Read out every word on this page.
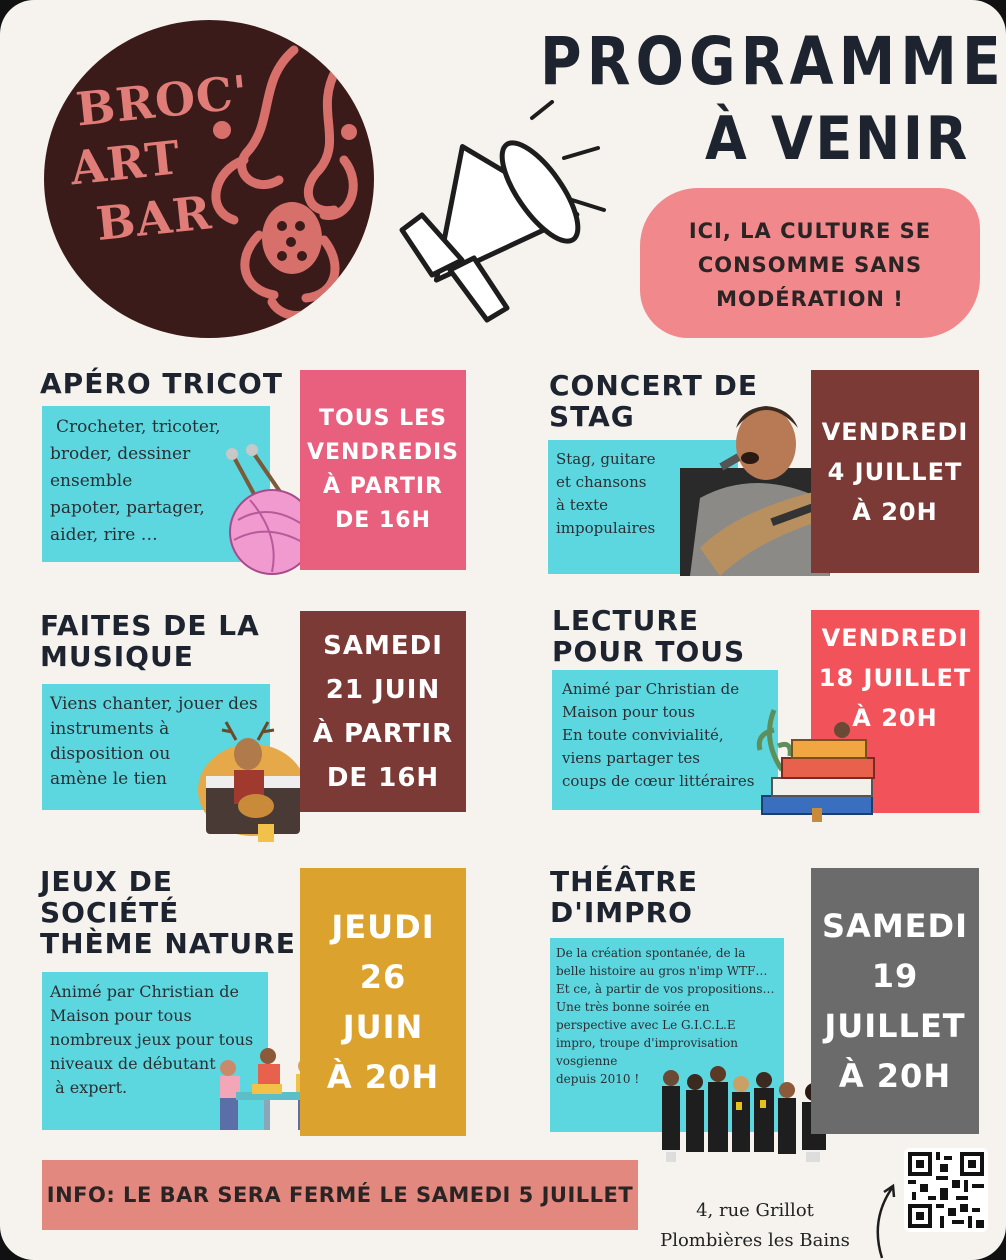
BROC'
ART
BAR
PROGRAMME
À VENIR
ICI, LA CULTURE SE CONSOMME SANS MODÉRATION !
APÉRO TRICOT
Crocheter, tricoter,
broder, dessiner
ensemble
papoter, partager,
aider, rire …
TOUS LES
VENDREDIS
À PARTIR
DE 16H
CONCERT DE
STAG
Stag, guitare
et chansons
à texte
impopulaires
VENDREDI
4 JUILLET
À 20H
FAITES DE LA
MUSIQUE
Viens chanter, jouer des
instruments à
disposition ou
amène le tien
SAMEDI
21 JUIN
À PARTIR
DE 16H
LECTURE
POUR TOUS
Animé par Christian de
Maison pour tous
En toute convivialité,
viens partager tes
coups de cœur littéraires
VENDREDI
18 JUILLET
À 20H
JEUX DE
SOCIÉTÉ
THÈME NATURE
Animé par Christian de
Maison pour tous
nombreux jeux pour tous
niveaux de débutant
à expert.
JEUDI
26
JUIN
À 20H
THÉÂTRE
D'IMPRO
De la création spontanée, de la
belle histoire au gros n'imp WTF…
Et ce, à partir de vos propositions…
Une très bonne soirée en
perspective avec Le G.I.C.L.E
impro, troupe d'improvisation
vosgienne
depuis 2010 !
SAMEDI
19
JUILLET
À 20H
INFO: LE BAR SERA FERMÉ LE SAMEDI 5 JUILLET
4, rue Grillot
Plombières les Bains
